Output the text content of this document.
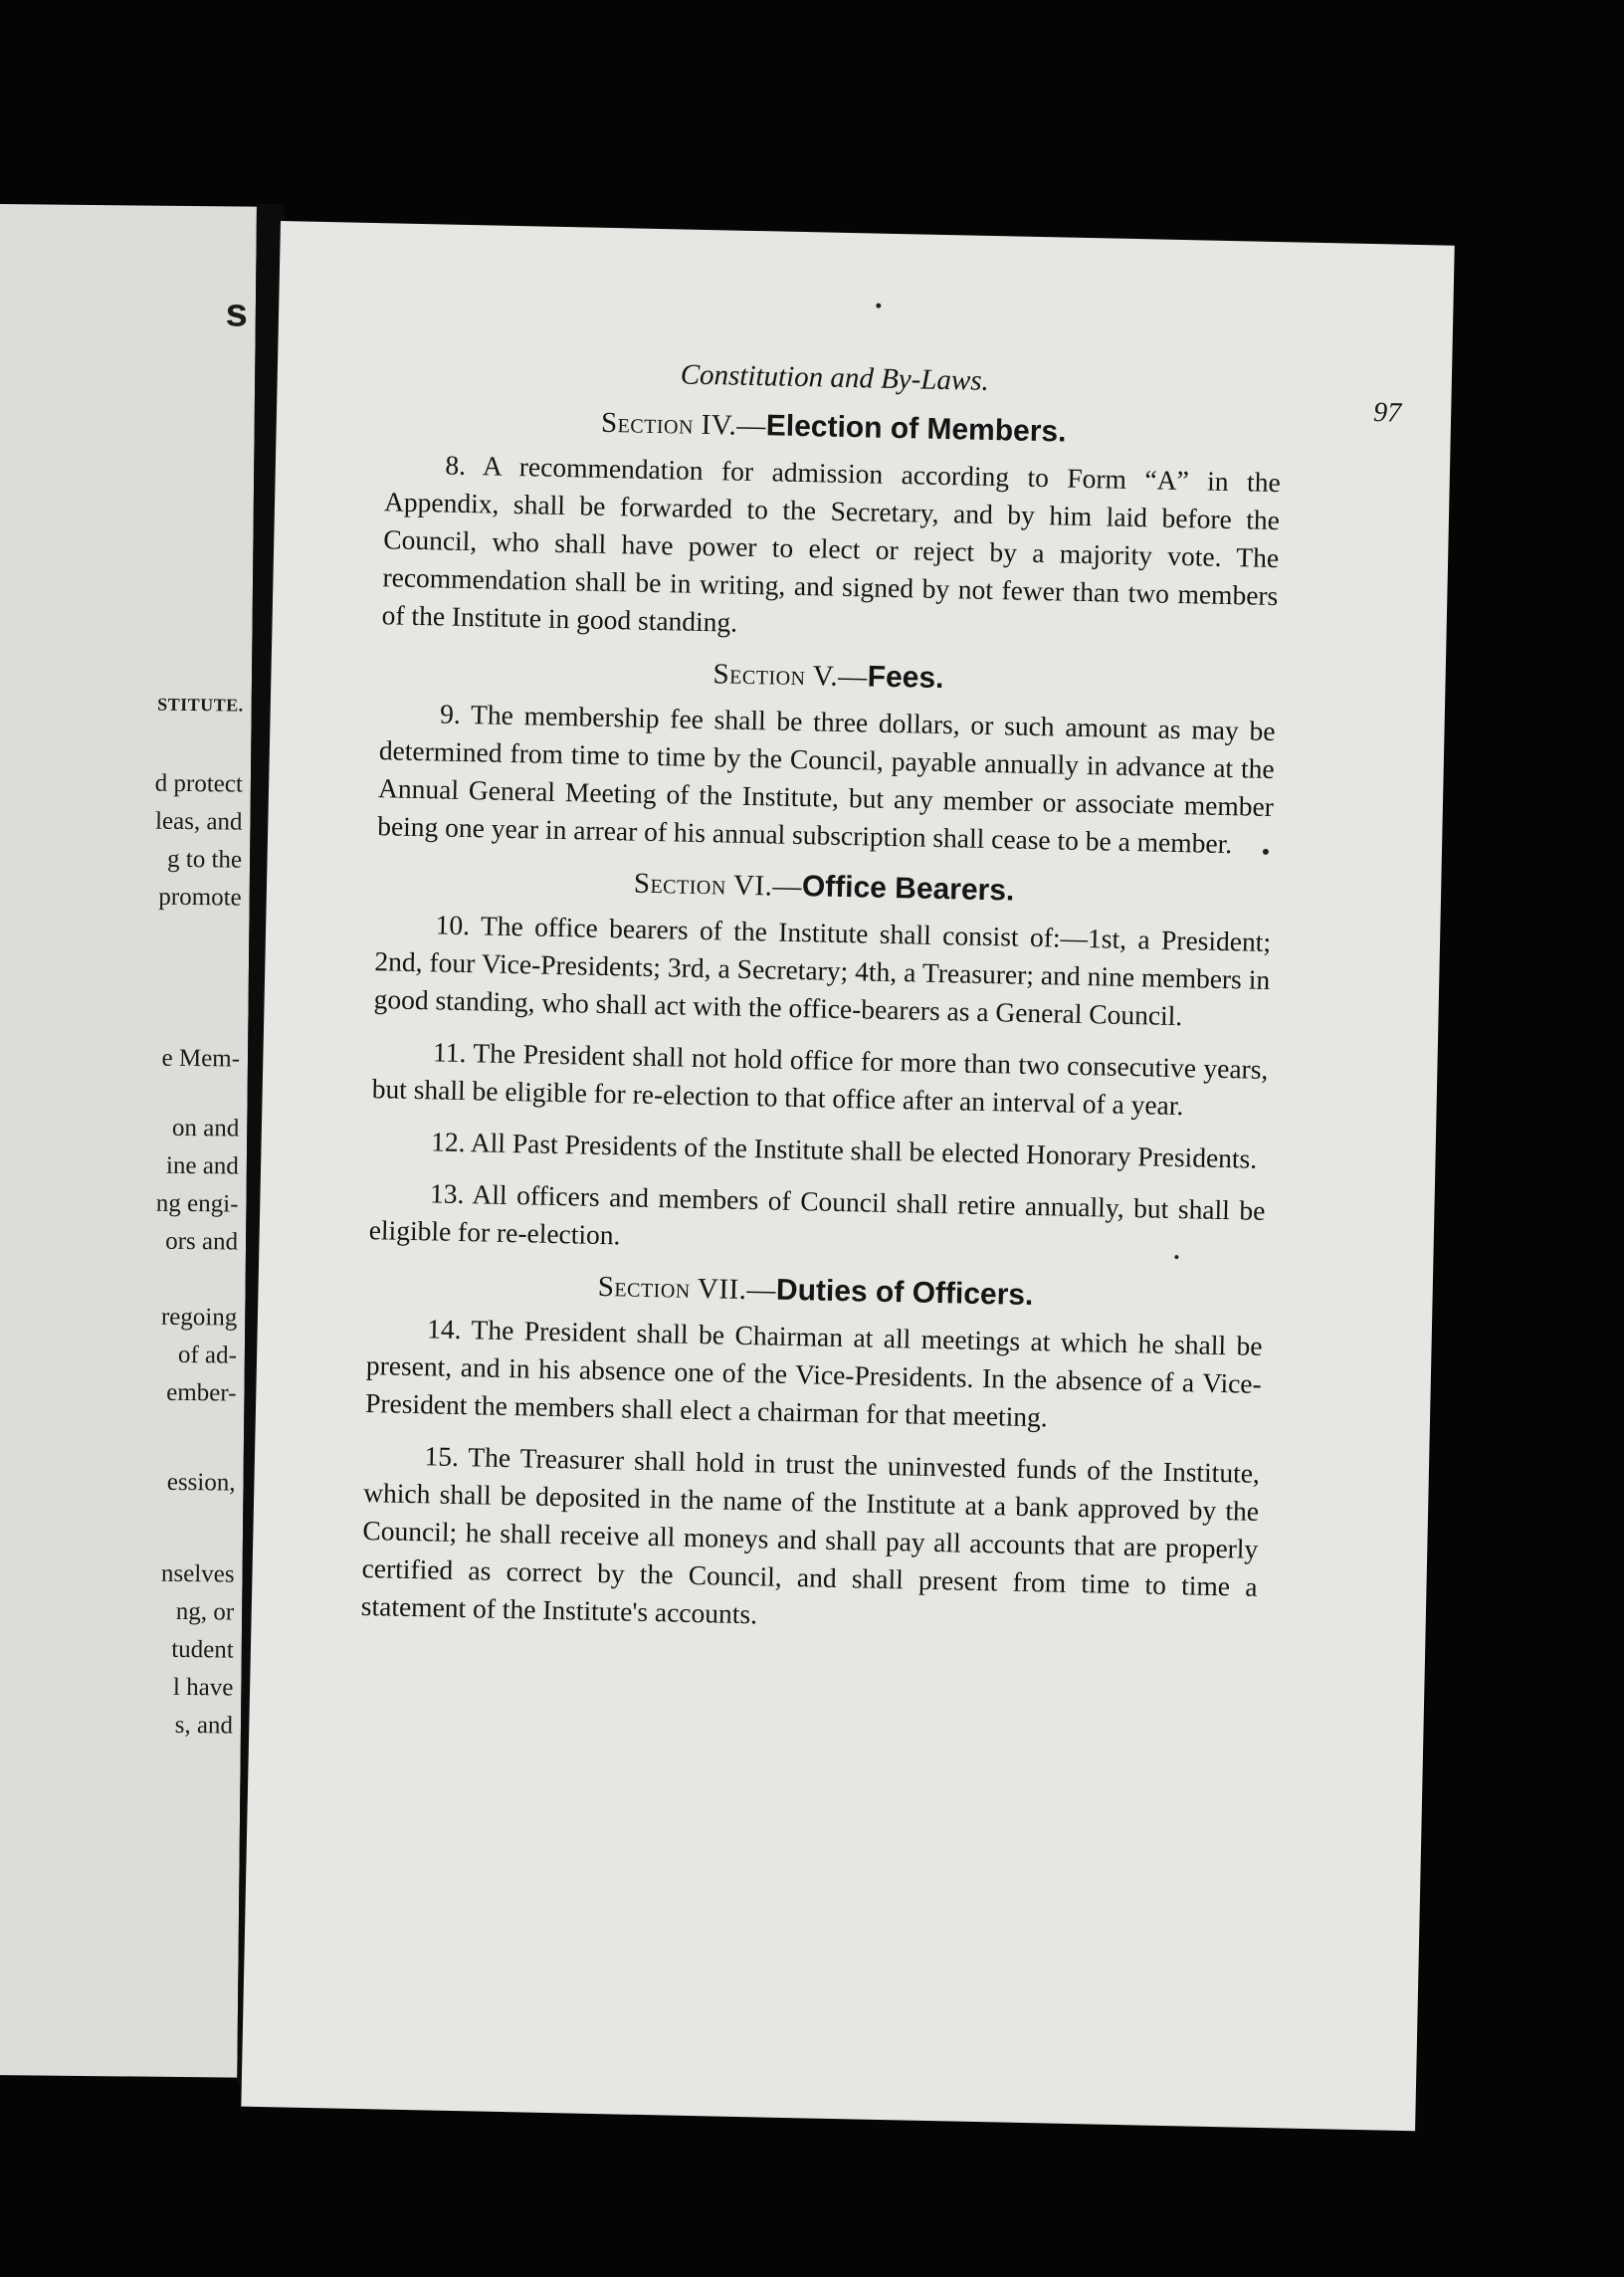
s
STITUTE.
d protect
leas, and
g to the
promote
e Mem-
on and
ine and
ng engi-
ors and
regoing
of ad-
ember-
ession,
nselves
ng, or
tudent
l have
s, and
Constitution and By-Laws.
97
Section IV.—Election of Members.

8. A recommendation for admission according to Form “A” in the Appendix, shall be forwarded to the Secretary, and by him laid before the Council, who shall have power to elect or reject by a majority vote. The recommendation shall be in writing, and signed by not fewer than two members of the Institute in good standing.

Section V.—Fees.

9. The membership fee shall be three dollars, or such amount as may be determined from time to time by the Council, payable annually in advance at the Annual General Meeting of the Institute, but any member or associate member being one year in arrear of his annual subscription shall cease to be a member.

Section VI.—Office Bearers.

10. The office bearers of the Institute shall consist of:—1st, a President; 2nd, four Vice-Presidents; 3rd, a Secretary; 4th, a Treasurer; and nine members in good standing, who shall act with the office-bearers as a General Council.

11. The President shall not hold office for more than two consecutive years, but shall be eligible for re-election to that office after an interval of a year.

12. All Past Presidents of the Institute shall be elected Honorary Presidents.

13. All officers and members of Council shall retire annually, but shall be eligible for re-election.

Section VII.—Duties of Officers.

14. The President shall be Chairman at all meetings at which he shall be present, and in his absence one of the Vice-Presidents. In the absence of a Vice-President the members shall elect a chairman for that meeting.

15. The Treasurer shall hold in trust the uninvested funds of the Institute, which shall be deposited in the name of the Institute at a bank approved by the Council; he shall receive all moneys and shall pay all accounts that are properly certified as correct by the Council, and shall present from time to time a statement of the Institute's accounts.
